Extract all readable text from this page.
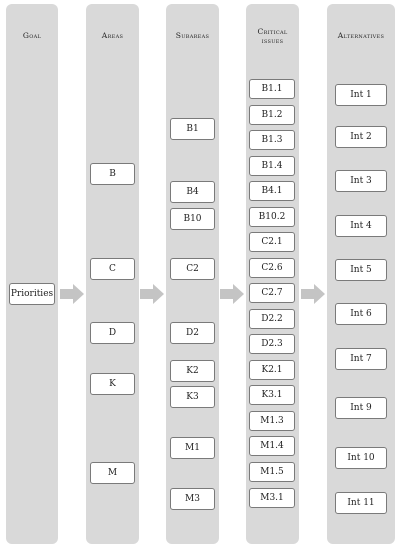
Goal
Priorities
Areas
B
C
D
K
M
Subareas
B1
B4
B10
C2
D2
K2
K3
M1
M3
Critical
issues
B1.1
B1.2
B1.3
B1.4
B4.1
B10.2
C2.1
C2.6
C2.7
D2.2
D2.3
K2.1
K3.1
M1.3
M1.4
M1.5
M3.1
Alternatives
Int 1
Int 2
Int 3
Int 4
Int 5
Int 6
Int 7
Int 9
Int 10
Int 11
